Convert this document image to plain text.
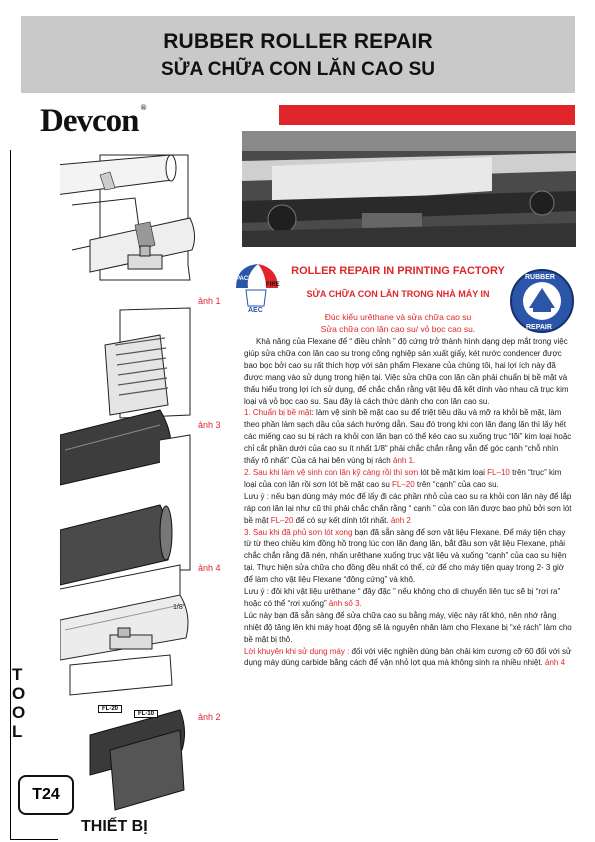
RUBBER ROLLER REPAIR
SỬA CHỮA CON LĂN CAO SU
Devcon ®
ảnh 1
ảnh 3
ảnh 4
ảnh 2
1/8"
FL-20
FL-10
T
O
O
L
T24
THIẾT BỊ
PACIFIC
FIRE
AEC
RUBBER
REPAIR
ROLLER REPAIR IN PRINTING FACTORY
SỬA CHỮA CON LĂN TRONG NHÀ MÁY IN
Đúc kiểu urêthane và sửa chữa cao su
Sửa chữa con lăn cao su/ vỏ bọc cao su.

Khả năng của Flexane để “ điều chỉnh ” độ cứng trở thành hình dạng dẹp mắt trong việc giúp sửa chữa con lăn cao su trong công nghiệp sản xuất giấy, két nước condencer được bao bọc bởi cao su rất thích hợp với sản phẩm Flexane của chúng tôi, hai lợi ích này đã được mang vào sử dụng trong hiện tại. Việc sửa chữa con lăn cần phải chuẩn bị bề mặt và thấu hiểu trong lợi ích sử dụng, để chắc chắn rằng vật liệu đã kết dính vào nhau cả trục kim loại và vỏ bọc cao su. Sau đây là cách thức dành cho con lăn cao su.

1. Chuẩn bị bề mặt: làm vệ sinh bề mặt cao su để triệt tiêu dầu và mỡ ra khỏi bề mặt, làm theo phần làm sạch dầu của sách hướng dẫn. Sau đó trong khi con lăn đang lăn thì lấy hết các miếng cao su bị rách ra khỏi con lăn bạn có thể kéo cao su xuống trục “lõi” kim loại hoặc chỉ cắt phần dưới của cao su ít nhất 1/8” phải chắc chắn rằng vẫn để góc cạnh “chỗ nhìn thấy rõ nhất” Của cả hai bên vùng bị rách ảnh 1.

2. Sau khi làm vệ sinh con lăn kỹ càng rồi thì sơn lót bề mặt kim loại FL–10 trên “trục” kim loại của con lăn rồi sơn lót bề mặt cao su FL–20 trên “cạnh” của cao su.

Lưu ý : nếu bạn dùng máy móc để lấy đi các phần nhỏ của cao su ra khỏi con lăn này để lắp ráp con lăn lại như cũ thì phải chắc chắn rằng “ cạnh ” của con lăn được bao phủ bởi sơn lót bề mặt FL–20 để có sự kết dính tốt nhất. ảnh 2

3. Sau khi đã phủ sơn lót xong bạn đã sẵn sàng để sơn vật liệu Flexane. Để máy tiện chạy từ từ theo chiều kim đồng hồ trong lúc con lăn đang lăn, bắt đầu sơn vật liệu Flexane, phải chắc chắn rằng đã nén, nhấn urêthane xuống trục vật liệu và xuống “cạnh” của cao su hiện tại. Thực hiện sửa chữa cho đồng đều nhất có thể, cứ để cho máy tiện quay trong 2- 3 giờ để làm cho vật liệu Flexane “đông cứng” và khô.

Lưu ý : đôi khi vật liệu urêthane “ đây đặc ” nếu không cho di chuyển liên tục sẽ bị “rơi ra” hoặc có thể “rơi xuống” ảnh số 3.

Lúc này bạn đã sẵn sàng để sửa chữa cao su bằng máy, việc này rất khó, nên nhớ rằng nhiệt độ tăng lên khi máy hoạt động sẽ là nguyên nhân làm cho Flexane bị “xé rách” làm cho bề mặt bị thô.

Lời khuyên khi sử dụng máy : đối với việc nghiền dùng bàn chải kim cương cỡ 60 đối với sử dụng máy dùng carbide bằng cách để vận nhỏ lợt qua mà không sinh ra nhiều nhiệt. ảnh 4
